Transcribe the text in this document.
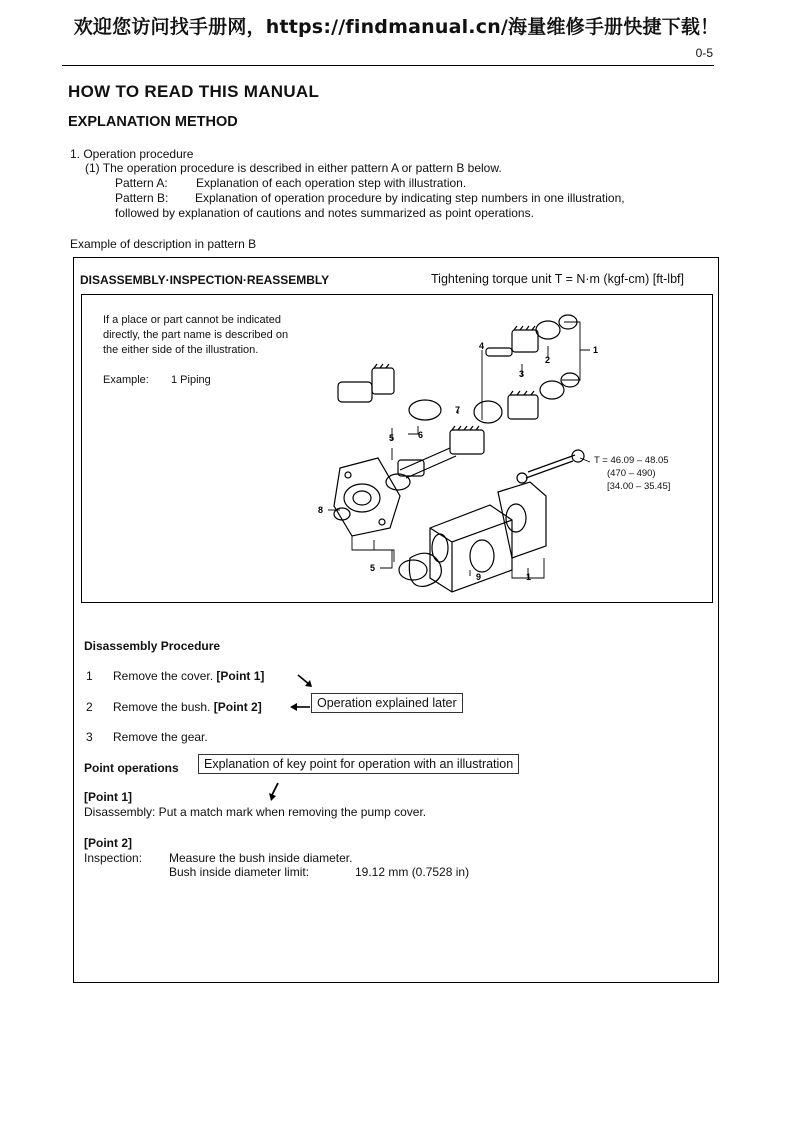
欢迎您访问找手册网，https://findmanual.cn/海量维修手册快捷下载！
0-5
HOW TO READ THIS MANUAL
EXPLANATION METHOD
1. Operation procedure
(1) The operation procedure is described in either pattern A or pattern B below.
Pattern A: Explanation of each operation step with illustration.
Pattern B: Explanation of operation procedure by indicating step numbers in one illustration,
followed by explanation of cautions and notes summarized as point operations.
Example of description in pattern B
DISASSEMBLY·INSPECTION·REASSEMBLY	Tightening torque unit T = N·m (kgf-cm) [ft-lbf]
If a place or part cannot be indicated
directly, the part name is described on
the either side of the illustration.
Example: 1 Piping
1
2
3
4
5	6
7
8
5
9	1
T = 46.09 – 48.05
(470 – 490)
[34.00 – 35.45]
Disassembly Procedure
1 Remove the cover. [Point 1]
2 Remove the bush. [Point 2]	Operation explained later
3 Remove the gear.
Point operations	Explanation of key point for operation with an illustration
[Point 1]
Disassembly: Put a match mark when removing the pump cover.
[Point 2]
Inspection: Measure the bush inside diameter.
Bush inside diameter limit:	19.12 mm (0.7528 in)
